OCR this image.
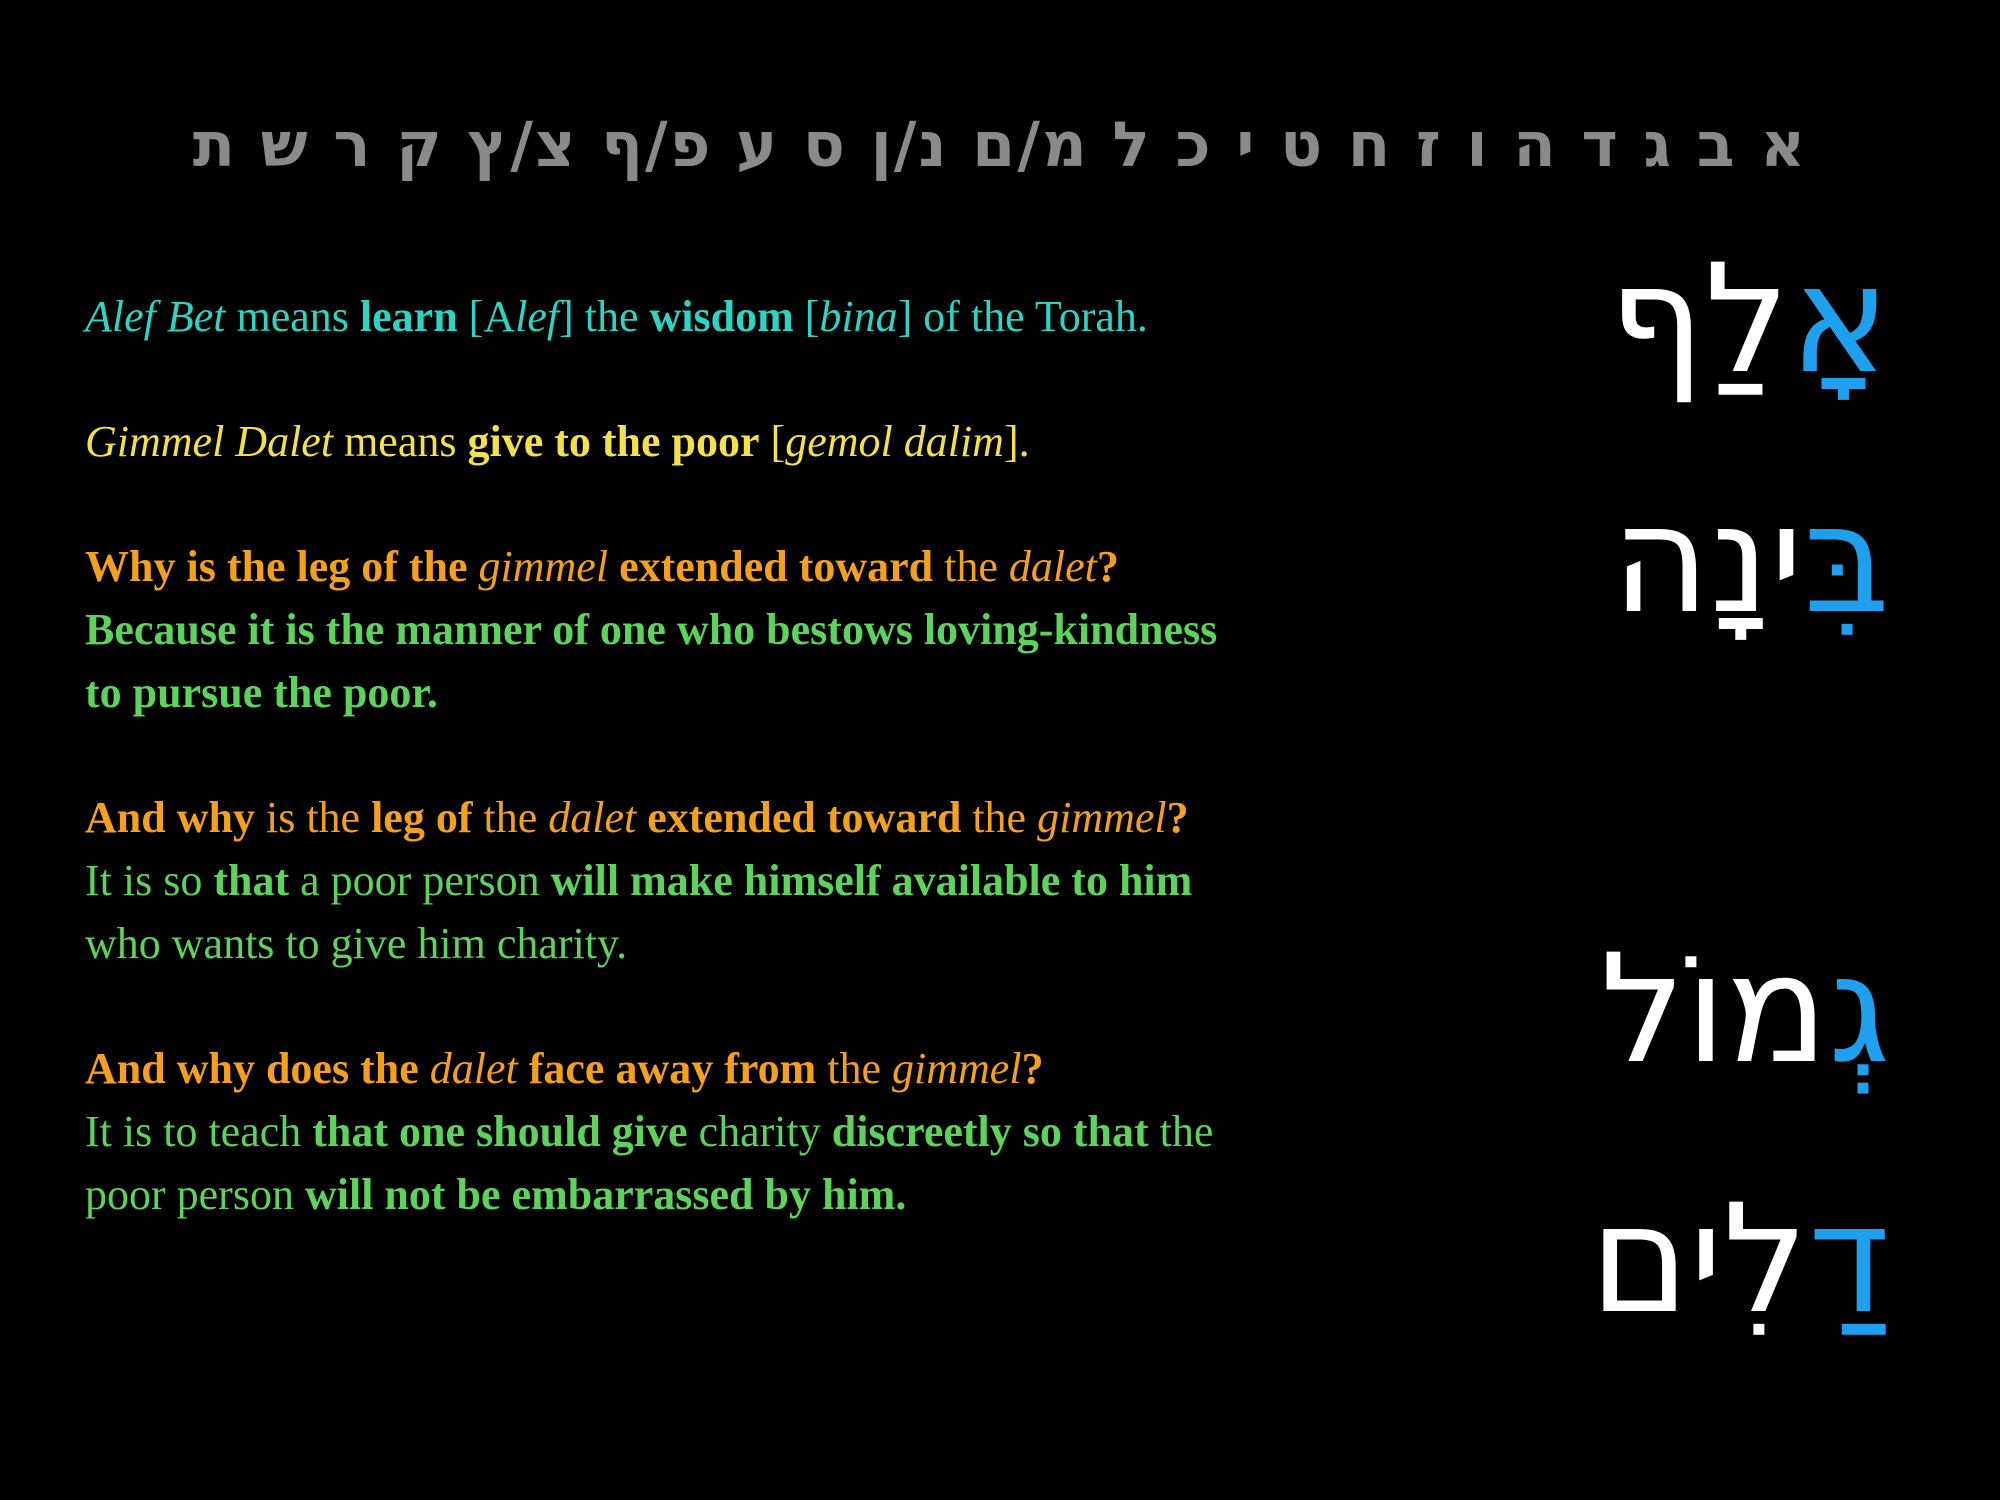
א ב ג ד ה ו ז ח ט י כ ל מ/ם נ/ן ס ע פ/ף צ/ץ ק ר ש ת

Alef Bet means learn [Alef] the wisdom [bina] of the Torah.

Gimmel Dalet means give to the poor [gemol dalim].

Why is the leg of the gimmel extended toward the dalet?
Because it is the manner of one who bestows loving-kindness
to pursue the poor.

And why is the leg of the dalet extended toward the gimmel?
It is so that a poor person will make himself available to him
who wants to give him charity.

And why does the dalet face away from the gimmel?
It is to teach that one should give charity discreetly so that the
poor person will not be embarrassed by him.

אָלַף
בִּינָה
גְמוֹל
דַלִים
